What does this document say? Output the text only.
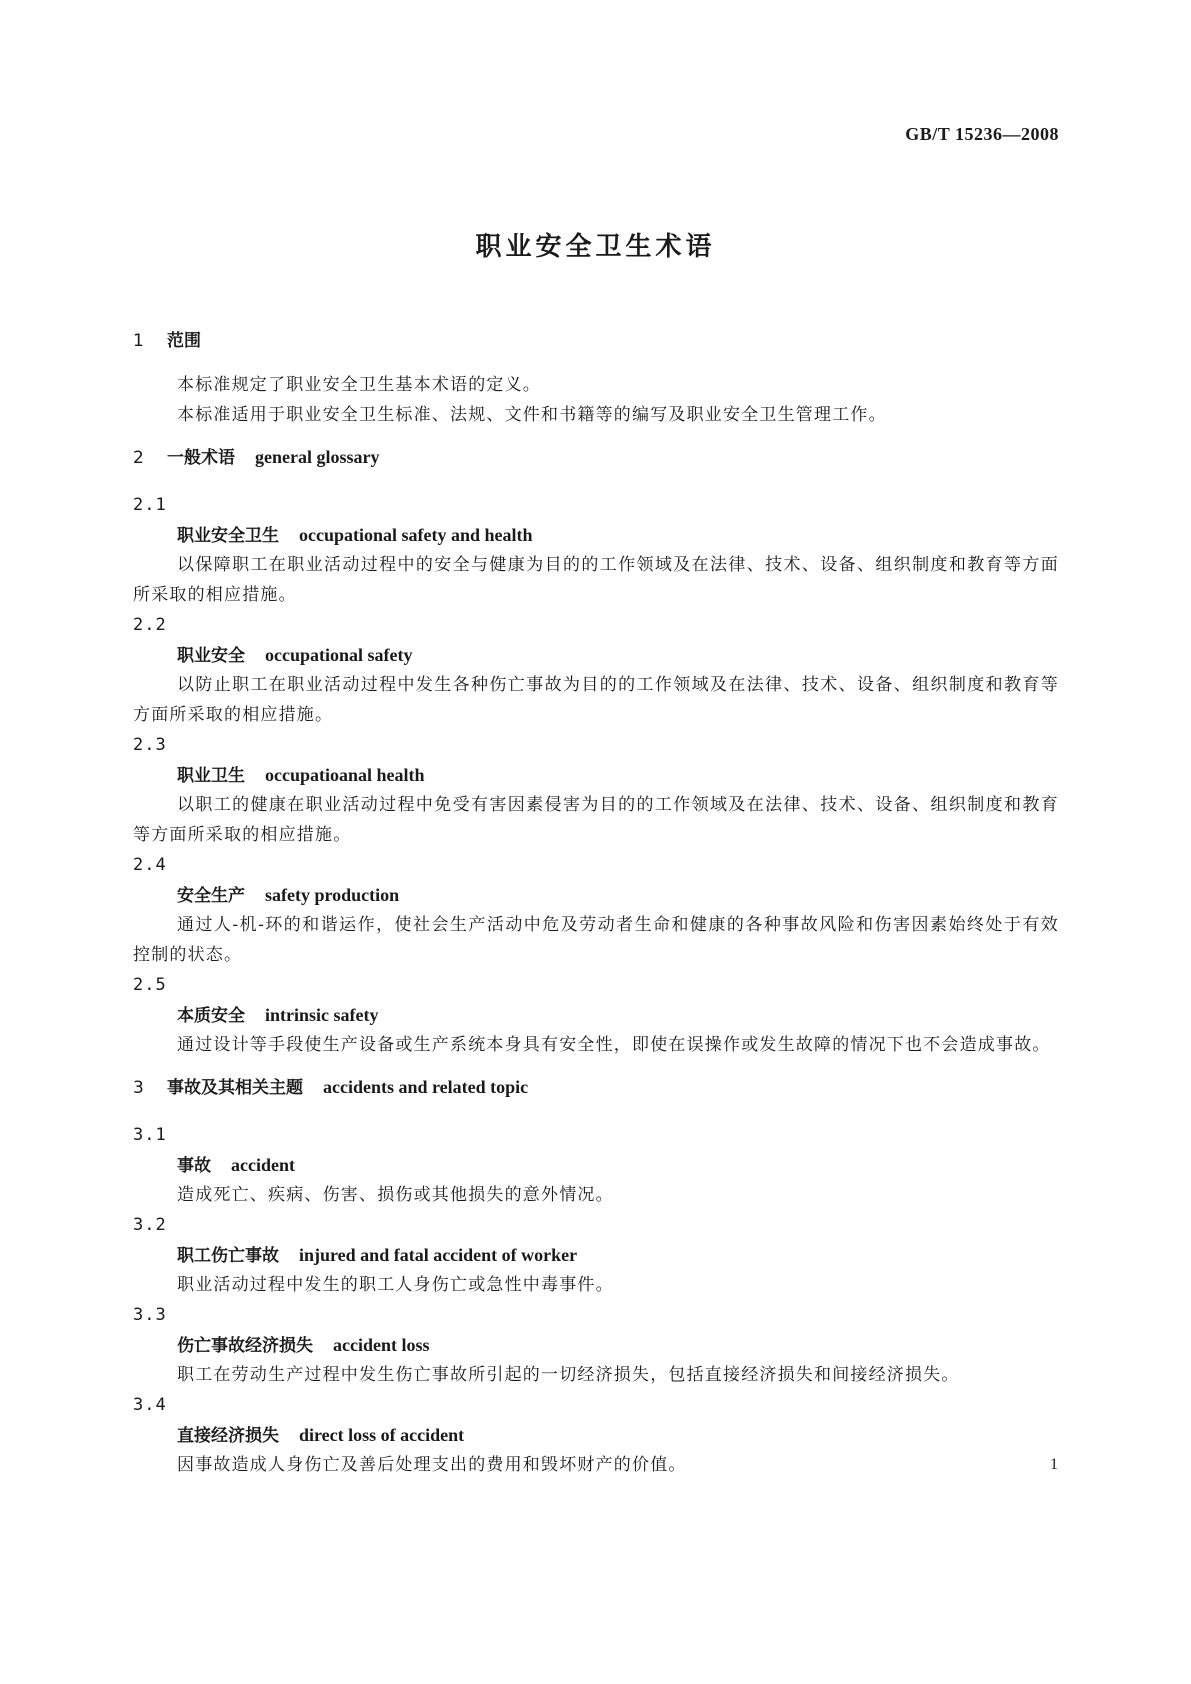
GB/T 15236—2008
职业安全卫生术语
1 范围
本标准规定了职业安全卫生基本术语的定义。
本标准适用于职业安全卫生标准、法规、文件和书籍等的编写及职业安全卫生管理工作。
2 一般术语 general glossary
2.1
职业安全卫生 occupational safety and health
以保障职工在职业活动过程中的安全与健康为目的的工作领域及在法律、技术、设备、组织制度和教育等方面所采取的相应措施。
2.2
职业安全 occupational safety
以防止职工在职业活动过程中发生各种伤亡事故为目的的工作领域及在法律、技术、设备、组织制度和教育等方面所采取的相应措施。
2.3
职业卫生 occupatioanal health
以职工的健康在职业活动过程中免受有害因素侵害为目的的工作领域及在法律、技术、设备、组织制度和教育等方面所采取的相应措施。
2.4
安全生产 safety production
通过人-机-环的和谐运作，使社会生产活动中危及劳动者生命和健康的各种事故风险和伤害因素始终处于有效控制的状态。
2.5
本质安全 intrinsic safety
通过设计等手段使生产设备或生产系统本身具有安全性，即使在误操作或发生故障的情况下也不会造成事故。
3 事故及其相关主题 accidents and related topic
3.1
事故 accident
造成死亡、疾病、伤害、损伤或其他损失的意外情况。
3.2
职工伤亡事故 injured and fatal accident of worker
职业活动过程中发生的职工人身伤亡或急性中毒事件。
3.3
伤亡事故经济损失 accident loss
职工在劳动生产过程中发生伤亡事故所引起的一切经济损失，包括直接经济损失和间接经济损失。
3.4
直接经济损失 direct loss of accident
因事故造成人身伤亡及善后处理支出的费用和毁坏财产的价值。	1
